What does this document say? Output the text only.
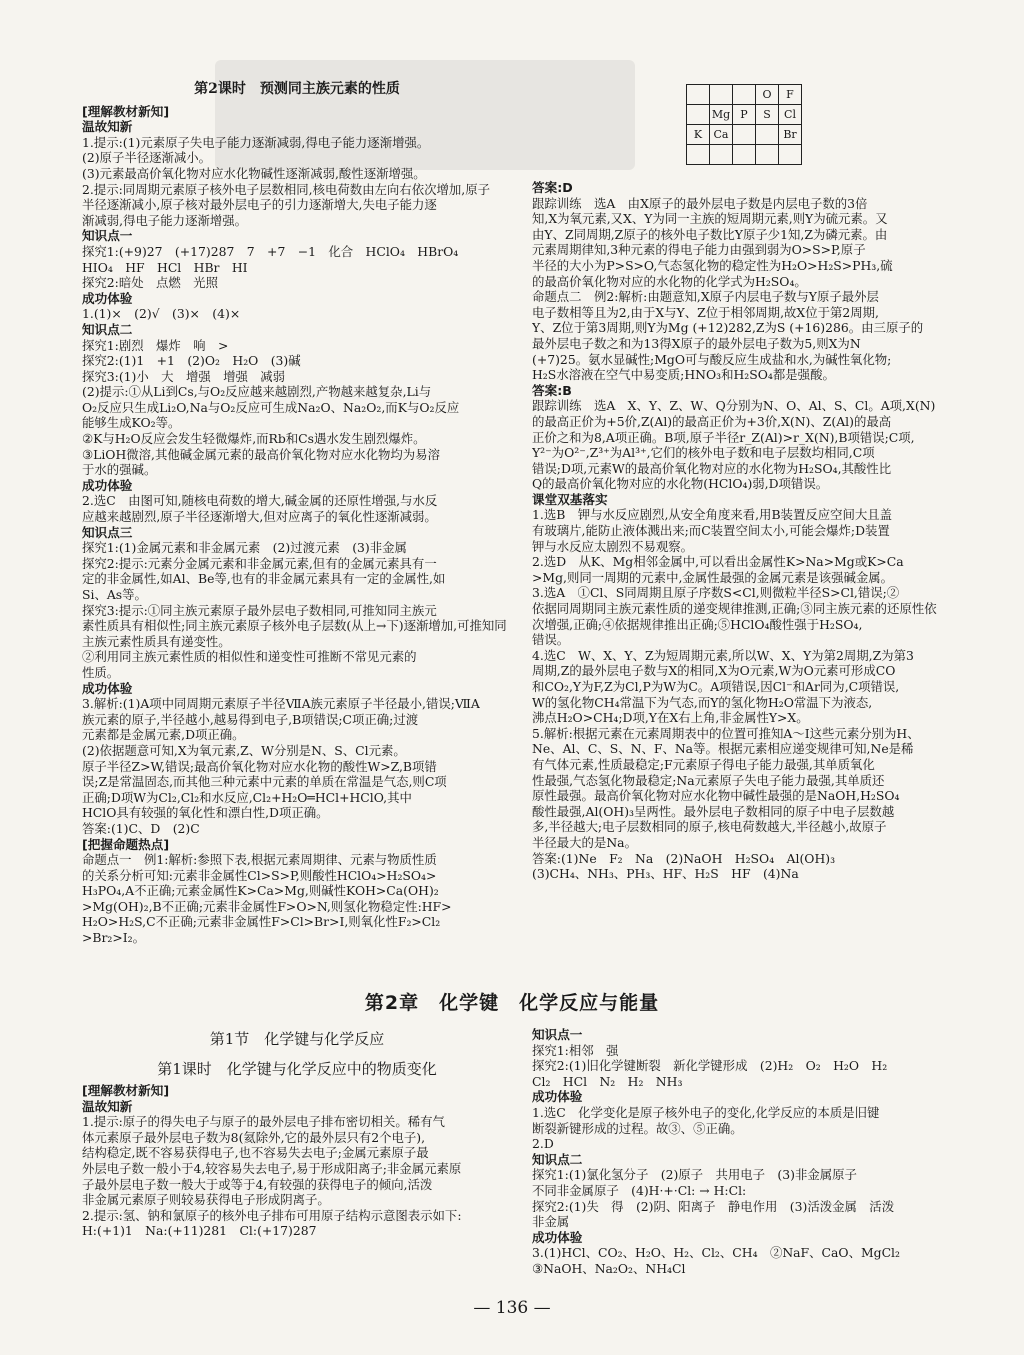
第2课时　预测同主族元素的性质
[理解教材新知]
温故知新
1.提示:(1)元素原子失电子能力逐渐减弱,得电子能力逐渐增强。
(2)原子半径逐渐减小。
(3)元素最高价氧化物对应水化物碱性逐渐减弱,酸性逐渐增强。
2.提示:同周期元素原子核外电子层数相同,核电荷数由左向右依次增加,原子
半径逐渐减小,原子核对最外层电子的引力逐渐增大,失电子能力逐
渐减弱,得电子能力逐渐增强。
知识点一
探究1:(+9)27　(+17)287　7　+7　−1　化合　HClO₄　HBrO₄
HIO₄　HF　HCl　HBr　HI
探究2:暗处　点燃　光照
成功体验
1.(1)×　(2)√　(3)×　(4)×
知识点二
探究1:剧烈　爆炸　响　>
探究2:(1)1　+1　(2)O₂　H₂O　(3)碱
探究3:(1)小　大　增强　增强　减弱
(2)提示:①从Li到Cs,与O₂反应越来越剧烈,产物越来越复杂,Li与
O₂反应只生成Li₂O,Na与O₂反应可生成Na₂O、Na₂O₂,而K与O₂反应
能够生成KO₂等。
②K与H₂O反应会发生轻微爆炸,而Rb和Cs遇水发生剧烈爆炸。
③LiOH微溶,其他碱金属元素的最高价氧化物对应水化物均为易溶
于水的强碱。
成功体验
2.选C　由图可知,随核电荷数的增大,碱金属的还原性增强,与水反
应越来越剧烈,原子半径逐渐增大,但对应离子的氧化性逐渐减弱。
知识点三
探究1:(1)金属元素和非金属元素　(2)过渡元素　(3)非金属
探究2:提示:元素分金属元素和非金属元素,但有的金属元素具有一
定的非金属性,如Al、Be等,也有的非金属元素具有一定的金属性,如
Si、As等。
探究3:提示:①同主族元素原子最外层电子数相同,可推知同主族元
素性质具有相似性;同主族元素原子核外电子层数(从上→下)逐渐增加,可推知同
主族元素性质具有递变性。
②利用同主族元素性质的相似性和递变性可推断不常见元素的
性质。
成功体验
3.解析:(1)A项中同周期元素原子半径ⅦA族元素原子半径最小,错误;ⅦA
族元素的原子,半径越小,越易得到电子,B项错误;C项正确;过渡
元素都是金属元素,D项正确。
(2)依据题意可知,X为氧元素,Z、W分别是N、S、Cl元素。
原子半径Z>W,错误;最高价氧化物对应水化物的酸性W>Z,B项错
误;Z是常温固态,而其他三种元素中元素的单质在常温是气态,则C项
正确;D项W为Cl₂,Cl₂和水反应,Cl₂+H₂O═HCl+HClO,其中
HClO具有较强的氧化性和漂白性,D项正确。
答案:(1)C、D　(2)C
[把握命题热点]
命题点一　例1:解析:参照下表,根据元素周期律、元素与物质性质
的关系分析可知:元素非金属性Cl>S>P,则酸性HClO₄>H₂SO₄>
H₃PO₄,A不正确;元素金属性K>Ca>Mg,则碱性KOH>Ca(OH)₂
>Mg(OH)₂,B不正确;元素非金属性F>O>N,则氢化物稳定性:HF>
H₂O>H₂S,C不正确;元素非金属性F>Cl>Br>I,则氧化性F₂>Cl₂
>Br₂>I₂。
			O	F
	Mg	P	S	Cl
K	Ca			Br

答案:D
跟踪训练　选A　由X原子的最外层电子数是内层电子数的3倍
知,X为氧元素,又X、Y为同一主族的短周期元素,则Y为硫元素。又
由Y、Z同周期,Z原子的核外电子数比Y原子少1知,Z为磷元素。由
元素周期律知,3种元素的得电子能力由强到弱为O>S>P,原子
半径的大小为P>S>O,气态氢化物的稳定性为H₂O>H₂S>PH₃,硫
的最高价氧化物对应的水化物的化学式为H₂SO₄。
命题点二　例2:解析:由题意知,X原子内层电子数与Y原子最外层
电子数相等且为2,由于X与Y、Z位于相邻周期,故X位于第2周期,
Y、Z位于第3周期,则Y为Mg (+12)282,Z为S (+16)286。由三原子的
最外层电子数之和为13得X原子的最外层电子数为5,则X为N
(+7)25。氨水显碱性;MgO可与酸反应生成盐和水,为碱性氧化物;
H₂S水溶液在空气中易变质;HNO₃和H₂SO₄都是强酸。
答案:B
跟踪训练　选A　X、Y、Z、W、Q分别为N、O、Al、S、Cl。A项,X(N)
的最高正价为+5价,Z(Al)的最高正价为+3价,X(N)、Z(Al)的最高
正价之和为8,A项正确。B项,原子半径r_Z(Al)>r_X(N),B项错误;C项,
Y²⁻为O²⁻,Z³⁺为Al³⁺,它们的核外电子数和电子层数均相同,C项
错误;D项,元素W的最高价氧化物对应的水化物为H₂SO₄,其酸性比
Q的最高价氧化物对应的水化物(HClO₄)弱,D项错误。
课堂双基落实
1.选B　钾与水反应剧烈,从安全角度来看,用B装置反应空间大且盖
有玻璃片,能防止液体溅出来;而C装置空间太小,可能会爆炸;D装置
钾与水反应太剧烈不易观察。
2.选D　从K、Mg相邻金属中,可以看出金属性K>Na>Mg或K>Ca
>Mg,则同一周期的元素中,金属性最强的金属元素是该强碱金属。
3.选A　①Cl、S同周期且原子序数S<Cl,则微粒半径S>Cl,错误;②
依据同周期同主族元素性质的递变规律推测,正确;③同主族元素的还原性依
次增强,正确;④依据规律推出正确;⑤HClO₄酸性强于H₂SO₄,
错误。
4.选C　W、X、Y、Z为短周期元素,所以W、X、Y为第2周期,Z为第3
周期,Z的最外层电子数与X的相同,X为O元素,W为O元素可形成CO
和CO₂,Y为F,Z为Cl,P为W为C。A项错误,因Cl⁻和Ar同为,C项错误,
W的氢化物CH₄常温下为气态,而Y的氢化物H₂O常温下为液态,
沸点H₂O>CH₄;D项,Y在X右上角,非金属性Y>X。
5.解析:根据元素在元素周期表中的位置可推知A～I这些元素分别为H、
Ne、Al、C、S、N、F、Na等。根据元素相应递变规律可知,Ne是稀
有气体元素,性质最稳定;F元素原子得电子能力最强,其单质氧化
性最强,气态氢化物最稳定;Na元素原子失电子能力最强,其单质还
原性最强。最高价氧化物对应水化物中碱性最强的是NaOH,H₂SO₄
酸性最强,Al(OH)₃呈两性。最外层电子数相同的原子中电子层数越
多,半径越大;电子层数相同的原子,核电荷数越大,半径越小,故原子
半径最大的是Na。
答案:(1)Ne　F₂　Na　(2)NaOH　H₂SO₄　Al(OH)₃
(3)CH₄、NH₃、PH₃、HF、H₂S　HF　(4)Na
第2章　化学键　化学反应与能量
第1节　化学键与化学反应
第1课时　化学键与化学反应中的物质变化
[理解教材新知]
温故知新
1.提示:原子的得失电子与原子的最外层电子排布密切相关。稀有气
体元素原子最外层电子数为8(氦除外,它的最外层只有2个电子),
结构稳定,既不容易获得电子,也不容易失去电子;金属元素原子最
外层电子数一般小于4,较容易失去电子,易于形成阳离子;非金属元素原
子最外层电子数一般大于或等于4,有较强的获得电子的倾向,活泼
非金属元素原子则较易获得电子形成阴离子。
2.提示:氢、钠和氯原子的核外电子排布可用原子结构示意图表示如下:
H:(+1)1　Na:(+11)281　Cl:(+17)287
知识点一
探究1:相邻　强
探究2:(1)旧化学键断裂　新化学键形成　(2)H₂　O₂　H₂O　H₂
Cl₂　HCl　N₂　H₂　NH₃
成功体验
1.选C　化学变化是原子核外电子的变化,化学反应的本质是旧键
断裂新键形成的过程。故③、⑤正确。
2.D
知识点二
探究1:(1)氯化氢分子　(2)原子　共用电子　(3)非金属原子
不同非金属原子　(4)H·+·Cl: → H:Cl:
探究2:(1)失　得　(2)阴、阳离子　静电作用　(3)活泼金属　活泼
非金属
成功体验
3.(1)HCl、CO₂、H₂O、H₂、Cl₂、CH₄　②NaF、CaO、MgCl₂
③NaOH、Na₂O₂、NH₄Cl
— 136 —
